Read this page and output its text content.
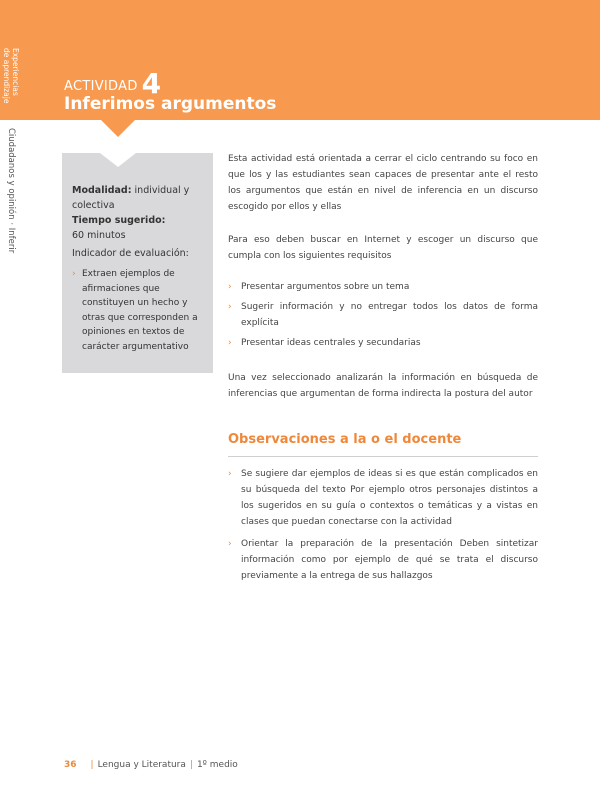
Experiencias
de aprendizaje
Ciudadanos y opinión · Inferir
ACTIVIDAD 4
Inferimos argumentos
Modalidad: individual y colectiva
Tiempo sugerido:
60 minutos
Indicador de evaluación:
› Extraen ejemplos de afirmaciones que constituyen un hecho y otras que corresponden a opiniones en textos de carácter argumentativo
Esta actividad está orientada a cerrar el ciclo centrando su foco en que los y las estudiantes sean capaces de presentar ante el resto los argumentos que están en nivel de inferencia en un discurso escogido por ellos y ellas
Para eso deben buscar en Internet y escoger un discurso que cumpla con los siguientes requisitos
› Presentar argumentos sobre un tema
› Sugerir información y no entregar todos los datos de forma explícita
› Presentar ideas centrales y secundarias
Una vez seleccionado analizarán la información en búsqueda de inferencias que argumentan de forma indirecta la postura del autor
Observaciones a la o el docente
› Se sugiere dar ejemplos de ideas si es que están complicados en su búsqueda del texto Por ejemplo otros personajes distintos a los sugeridos en su guía o contextos o temáticas y a vistas en clases que puedan conectarse con la actividad
› Orientar la preparación de la presentación Deben sintetizar información como por ejemplo de qué se trata el discurso previamente a la entrega de sus hallazgos
36 | Lengua y Literatura | 1º medio
